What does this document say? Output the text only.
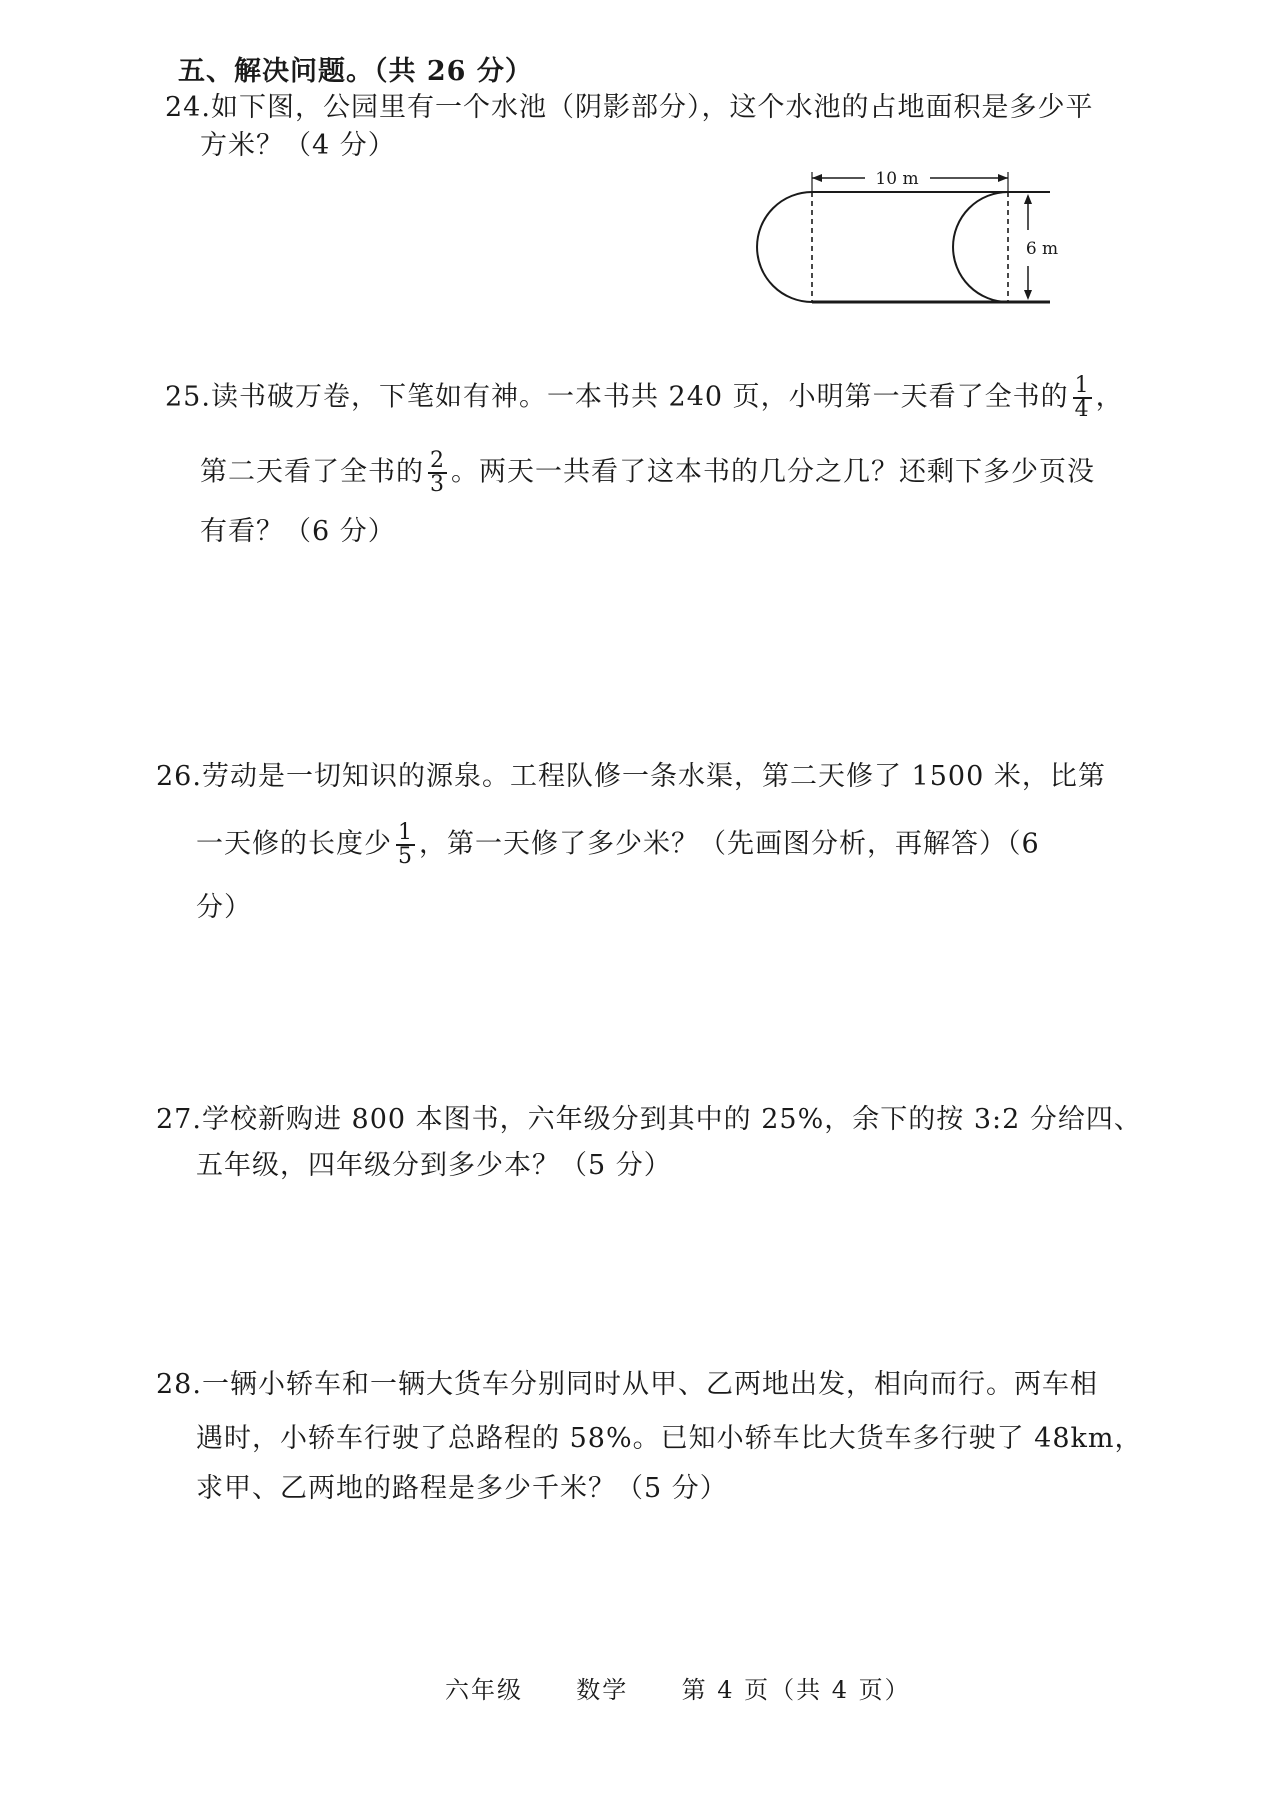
五、解决问题。（共 26 分）
24.如下图，公园里有一个水池（阴影部分），这个水池的占地面积是多少平
方米？（4 分）
10 m
6 m
25.读书破万卷，下笔如有神。一本书共 240 页，小明第一天看了全书的 $\frac{1}{4}$ ，
第二天看了全书的 $\frac{2}{3}$ 。两天一共看了这本书的几分之几？还剩下多少页没
有看？（6 分）
26.劳动是一切知识的源泉。工程队修一条水渠，第二天修了 1500 米，比第
一天修的长度少 $\frac{1}{5}$ ，第一天修了多少米？（先画图分析，再解答）（6
分）
27.学校新购进 800 本图书，六年级分到其中的 25%，余下的按 3:2 分给四、
五年级，四年级分到多少本？（5 分）
28.一辆小轿车和一辆大货车分别同时从甲、乙两地出发，相向而行。两车相
遇时，小轿车行驶了总路程的 58%。已知小轿车比大货车多行驶了 48km，
求甲、乙两地的路程是多少千米？（5 分）
六年级 数学 第 4 页（共 4 页）
